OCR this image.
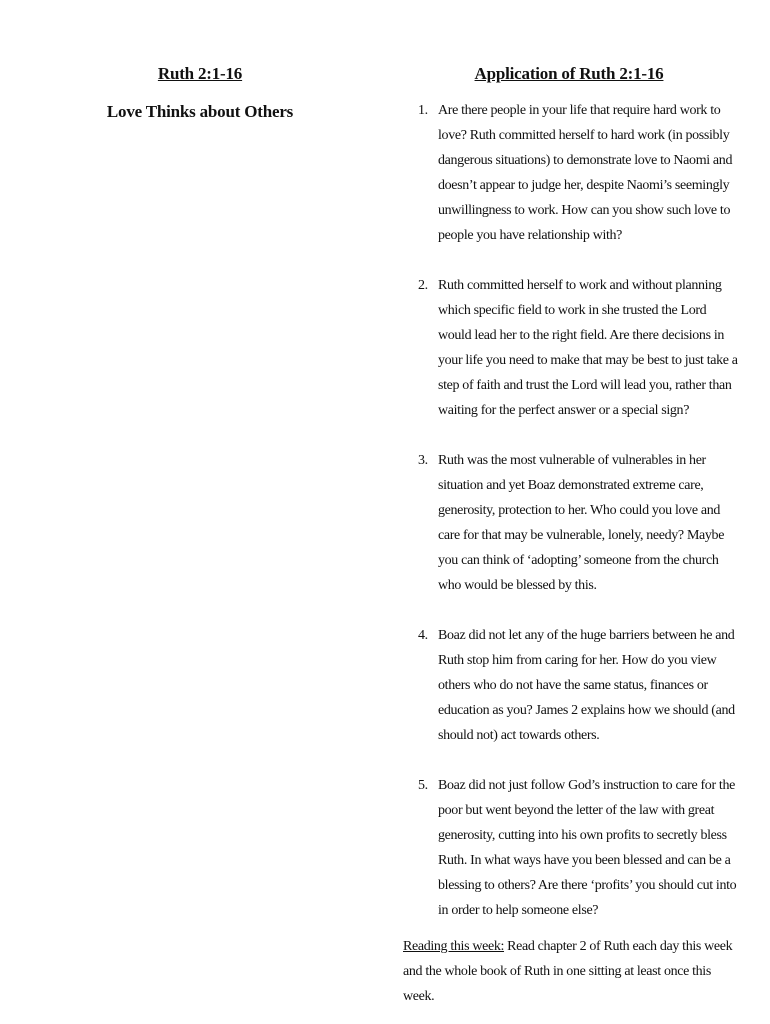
Ruth 2:1-16
Love Thinks about Others
Application of Ruth 2:1-16
1. Are there people in your life that require hard work to love? Ruth committed herself to hard work (in possibly dangerous situations) to demonstrate love to Naomi and doesn’t appear to judge her, despite Naomi’s seemingly unwillingness to work. How can you show such love to people you have relationship with?
2. Ruth committed herself to work and without planning which specific field to work in she trusted the Lord would lead her to the right field. Are there decisions in your life you need to make that may be best to just take a step of faith and trust the Lord will lead you, rather than waiting for the perfect answer or a special sign?
3. Ruth was the most vulnerable of vulnerables in her situation and yet Boaz demonstrated extreme care, generosity, protection to her. Who could you love and care for that may be vulnerable, lonely, needy? Maybe you can think of ‘adopting’ someone from the church who would be blessed by this.
4. Boaz did not let any of the huge barriers between he and Ruth stop him from caring for her. How do you view others who do not have the same status, finances or education as you? James 2 explains how we should (and should not) act towards others.
5. Boaz did not just follow God’s instruction to care for the poor but went beyond the letter of the law with great generosity, cutting into his own profits to secretly bless Ruth. In what ways have you been blessed and can be a blessing to others? Are there ‘profits’ you should cut into in order to help someone else?
Reading this week: Read chapter 2 of Ruth each day this week and the whole book of Ruth in one sitting at least once this week.
